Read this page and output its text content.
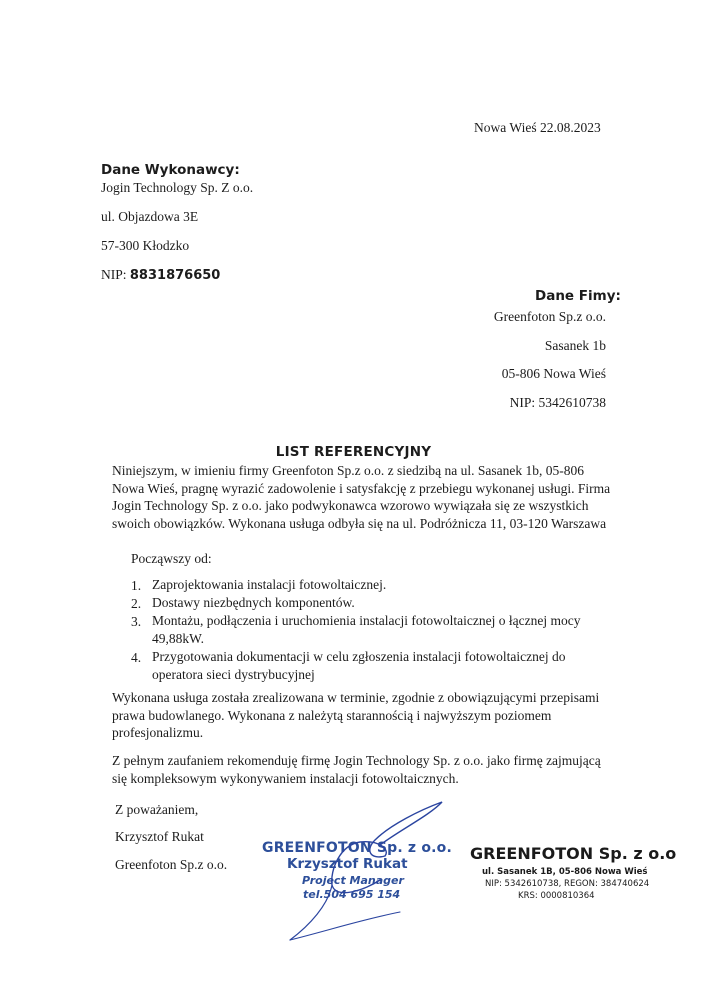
Nowa Wieś 22.08.2023
Dane Wykonawcy:
Jogin Technology Sp. Z o.o.
ul. Objazdowa 3E
57-300 Kłodzko
NIP: 8831876650
Dane Fimy:
Greenfoton Sp.z o.o.
Sasanek 1b
05-806 Nowa Wieś
NIP: 5342610738
LIST REFERENCYJNY
Niniejszym, w imieniu firmy Greenfoton Sp.z o.o. z siedzibą na ul. Sasanek 1b, 05-806 Nowa Wieś, pragnę wyrazić zadowolenie i satysfakcję z przebiegu wykonanej usługi. Firma Jogin Technology Sp. z o.o. jako podwykonawca wzorowo wywiązała się ze wszystkich swoich obowiązków. Wykonana usługa odbyła się na ul. Podróżnicza 11, 03-120 Warszawa
Począwszy od:
1. Zaprojektowania instalacji fotowoltaicznej.
2. Dostawy niezbędnych komponentów.
3. Montażu, podłączenia i uruchomienia instalacji fotowoltaicznej o łącznej mocy 49,88kW.
4. Przygotowania dokumentacji w celu zgłoszenia instalacji fotowoltaicznej do operatora sieci dystrybucyjnej
Wykonana usługa została zrealizowana w terminie, zgodnie z obowiązującymi przepisami prawa budowlanego. Wykonana z należytą starannością i najwyższym poziomem profesjonalizmu.
Z pełnym zaufaniem rekomenduję firmę Jogin Technology Sp. z o.o. jako firmę zajmującą się kompleksowym wykonywaniem instalacji fotowoltaicznych.
Z poważaniem,
Krzysztof Rukat
Greenfoton Sp.z o.o.
GREENFOTON Sp. z o.o.
Krzysztof Rukat
Project Manager
tel.504 695 154
GREENFOTON Sp. z o.o
ul. Sasanek 1B, 05-806 Nowa Wieś
NIP: 5342610738, REGON: 384740624
KRS: 0000810364
